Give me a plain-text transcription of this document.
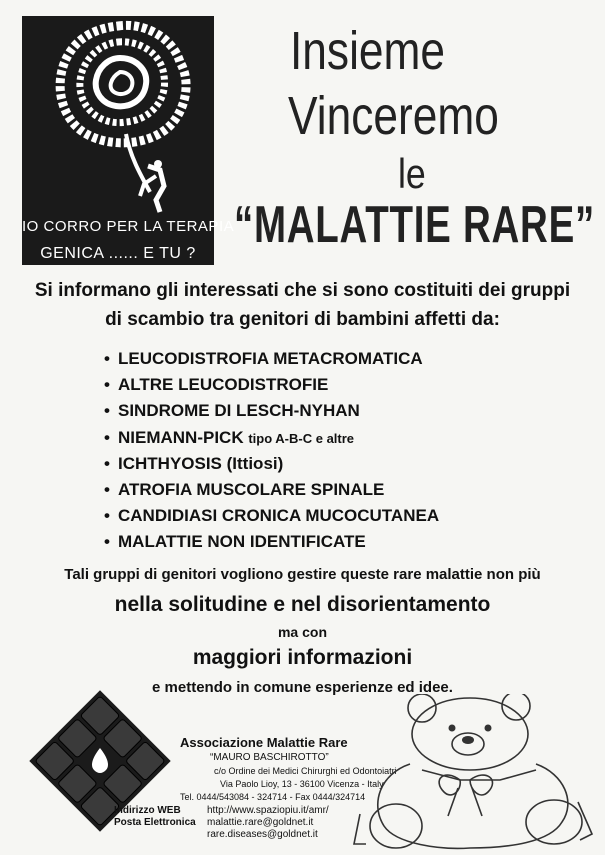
IO CORRO PER LA TERAPIA
GENICA ...... E TU ?
Insieme
Vinceremo
le
“MALATTIE RARE”
Si informano gli interessati che si sono costituiti dei gruppi
di scambio tra genitori di bambini affetti da:
• LEUCODISTROFIA METACROMATICA
• ALTRE LEUCODISTROFIE
• SINDROME DI LESCH-NYHAN
• NIEMANN-PICK tipo A-B-C e altre
• ICHTHYOSIS (Ittiosi)
• ATROFIA MUSCOLARE SPINALE
• CANDIDIASI CRONICA MUCOCUTANEA
• MALATTIE NON IDENTIFICATE
Tali gruppi di genitori vogliono gestire queste rare malattie non più
nella solitudine e nel disorientamento
ma con
maggiori informazioni
e mettendo in comune esperienze ed idee.
Associazione Malattie Rare
“MAURO BASCHIROTTO”
c/o Ordine dei Medici Chirurghi ed Odontoiatri
Via Paolo Lioy, 13 - 36100 Vicenza - Italy
Tel. 0444/543084 - 324714 - Fax 0444/324714
Indirizzo WEB	http://www.spaziopiu.it/amr/
Posta Elettronica malattie.rare@goldnet.it
rare.diseases@goldnet.it
